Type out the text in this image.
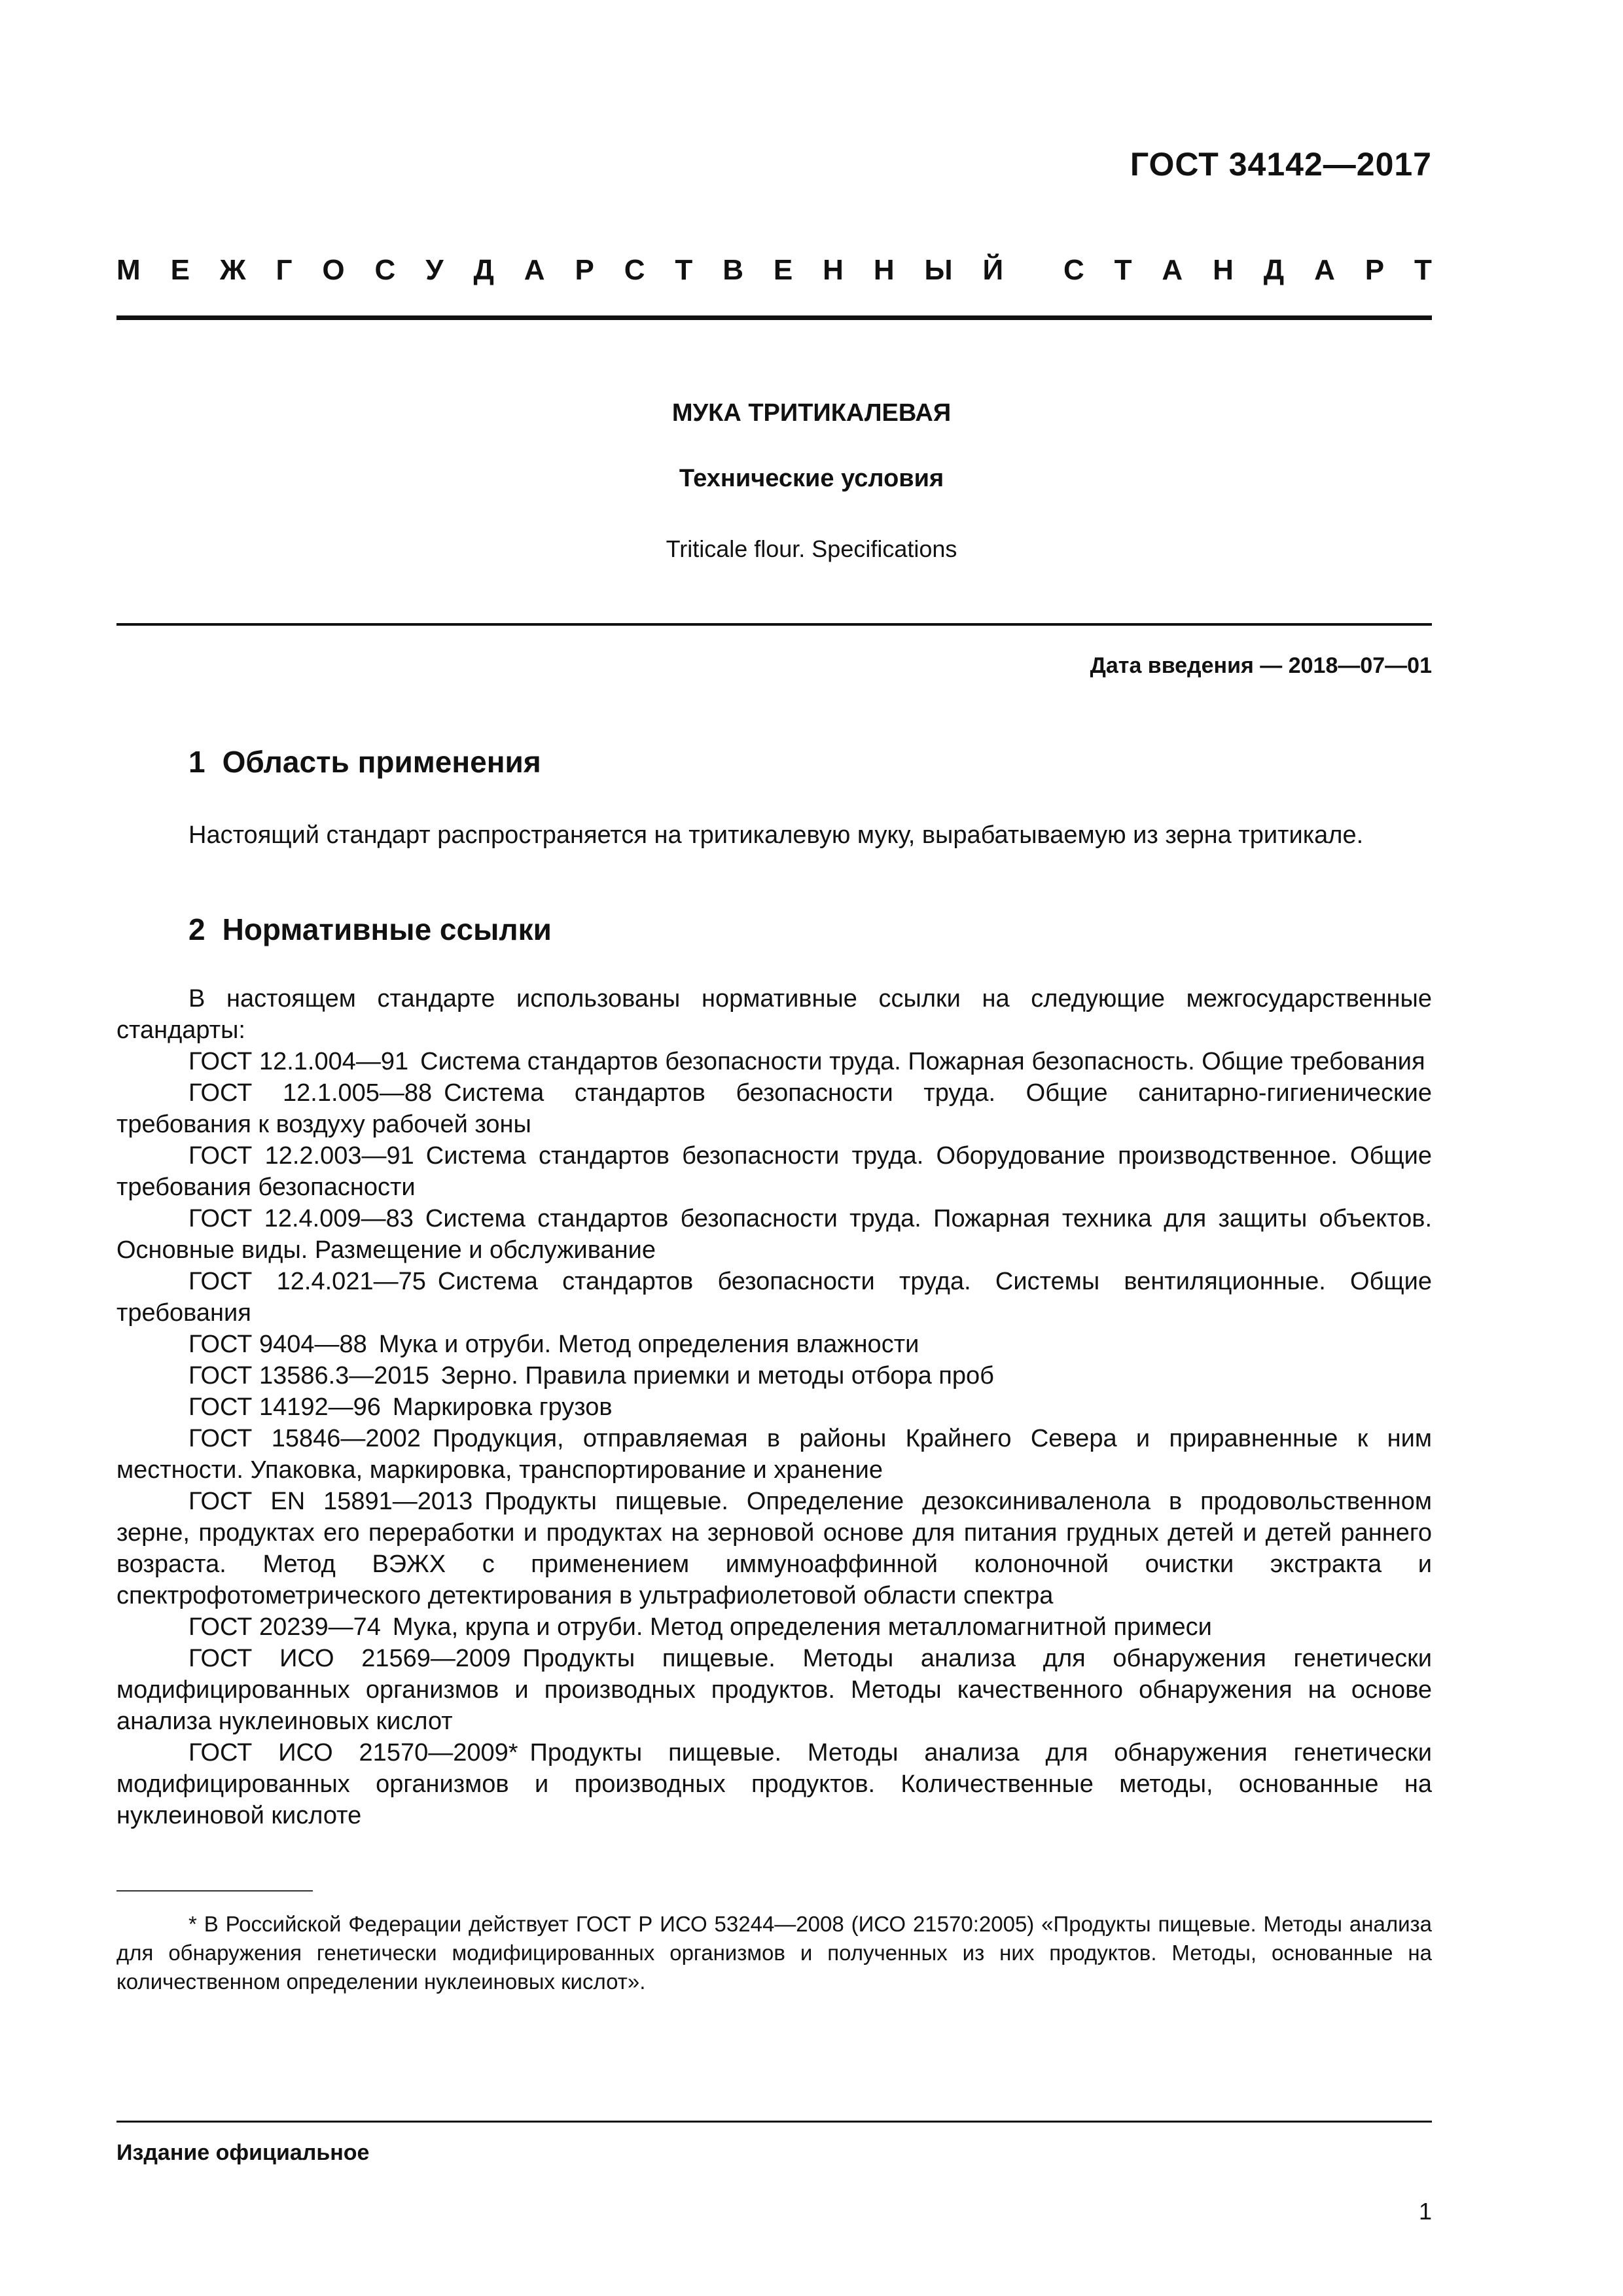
ГОСТ 34142—2017
М Е Ж Г О С У Д А Р С Т В Е Н Н Ы Й С Т А Н Д А Р Т
МУКА ТРИТИКАЛЕВАЯ
Технические условия
Triticale flour. Specifications
Дата введения — 2018—07—01
1 Область применения

Настоящий стандарт распространяется на тритикалевую муку, вырабатываемую из зерна тритикале.

2 Нормативные ссылки

В настоящем стандарте использованы нормативные ссылки на следующие межгосударственные стандарты:

ГОСТ 12.1.004—91 Система стандартов безопасности труда. Пожарная безопасность. Общие требования

ГОСТ 12.1.005—88 Система стандартов безопасности труда. Общие санитарно-гигиенические требования к воздуху рабочей зоны

ГОСТ 12.2.003—91 Система стандартов безопасности труда. Оборудование производственное. Общие требования безопасности

ГОСТ 12.4.009—83 Система стандартов безопасности труда. Пожарная техника для защиты объектов. Основные виды. Размещение и обслуживание

ГОСТ 12.4.021—75 Система стандартов безопасности труда. Системы вентиляционные. Общие требования

ГОСТ 9404—88 Мука и отруби. Метод определения влажности

ГОСТ 13586.3—2015 Зерно. Правила приемки и методы отбора проб

ГОСТ 14192—96 Маркировка грузов

ГОСТ 15846—2002 Продукция, отправляемая в районы Крайнего Севера и приравненные к ним местности. Упаковка, маркировка, транспортирование и хранение

ГОСТ EN 15891—2013 Продукты пищевые. Определение дезоксиниваленола в продовольственном зерне, продуктах его переработки и продуктах на зерновой основе для питания грудных детей и детей раннего возраста. Метод ВЭЖХ с применением иммуноаффинной колоночной очистки экстракта и спектрофотометрического детектирования в ультрафиолетовой области спектра

ГОСТ 20239—74 Мука, крупа и отруби. Метод определения металломагнитной примеси

ГОСТ ИСО 21569—2009 Продукты пищевые. Методы анализа для обнаружения генетически модифицированных организмов и производных продуктов. Методы качественного обнаружения на основе анализа нуклеиновых кислот

ГОСТ ИСО 21570—2009* Продукты пищевые. Методы анализа для обнаружения генетически модифицированных организмов и производных продуктов. Количественные методы, основанные на нуклеиновой кислоте

* В Российской Федерации действует ГОСТ Р ИСО 53244—2008 (ИСО 21570:2005) «Продукты пищевые. Методы анализа для обнаружения генетически модифицированных организмов и полученных из них продуктов. Методы, основанные на количественном определении нуклеиновых кислот».
Издание официальное
1
